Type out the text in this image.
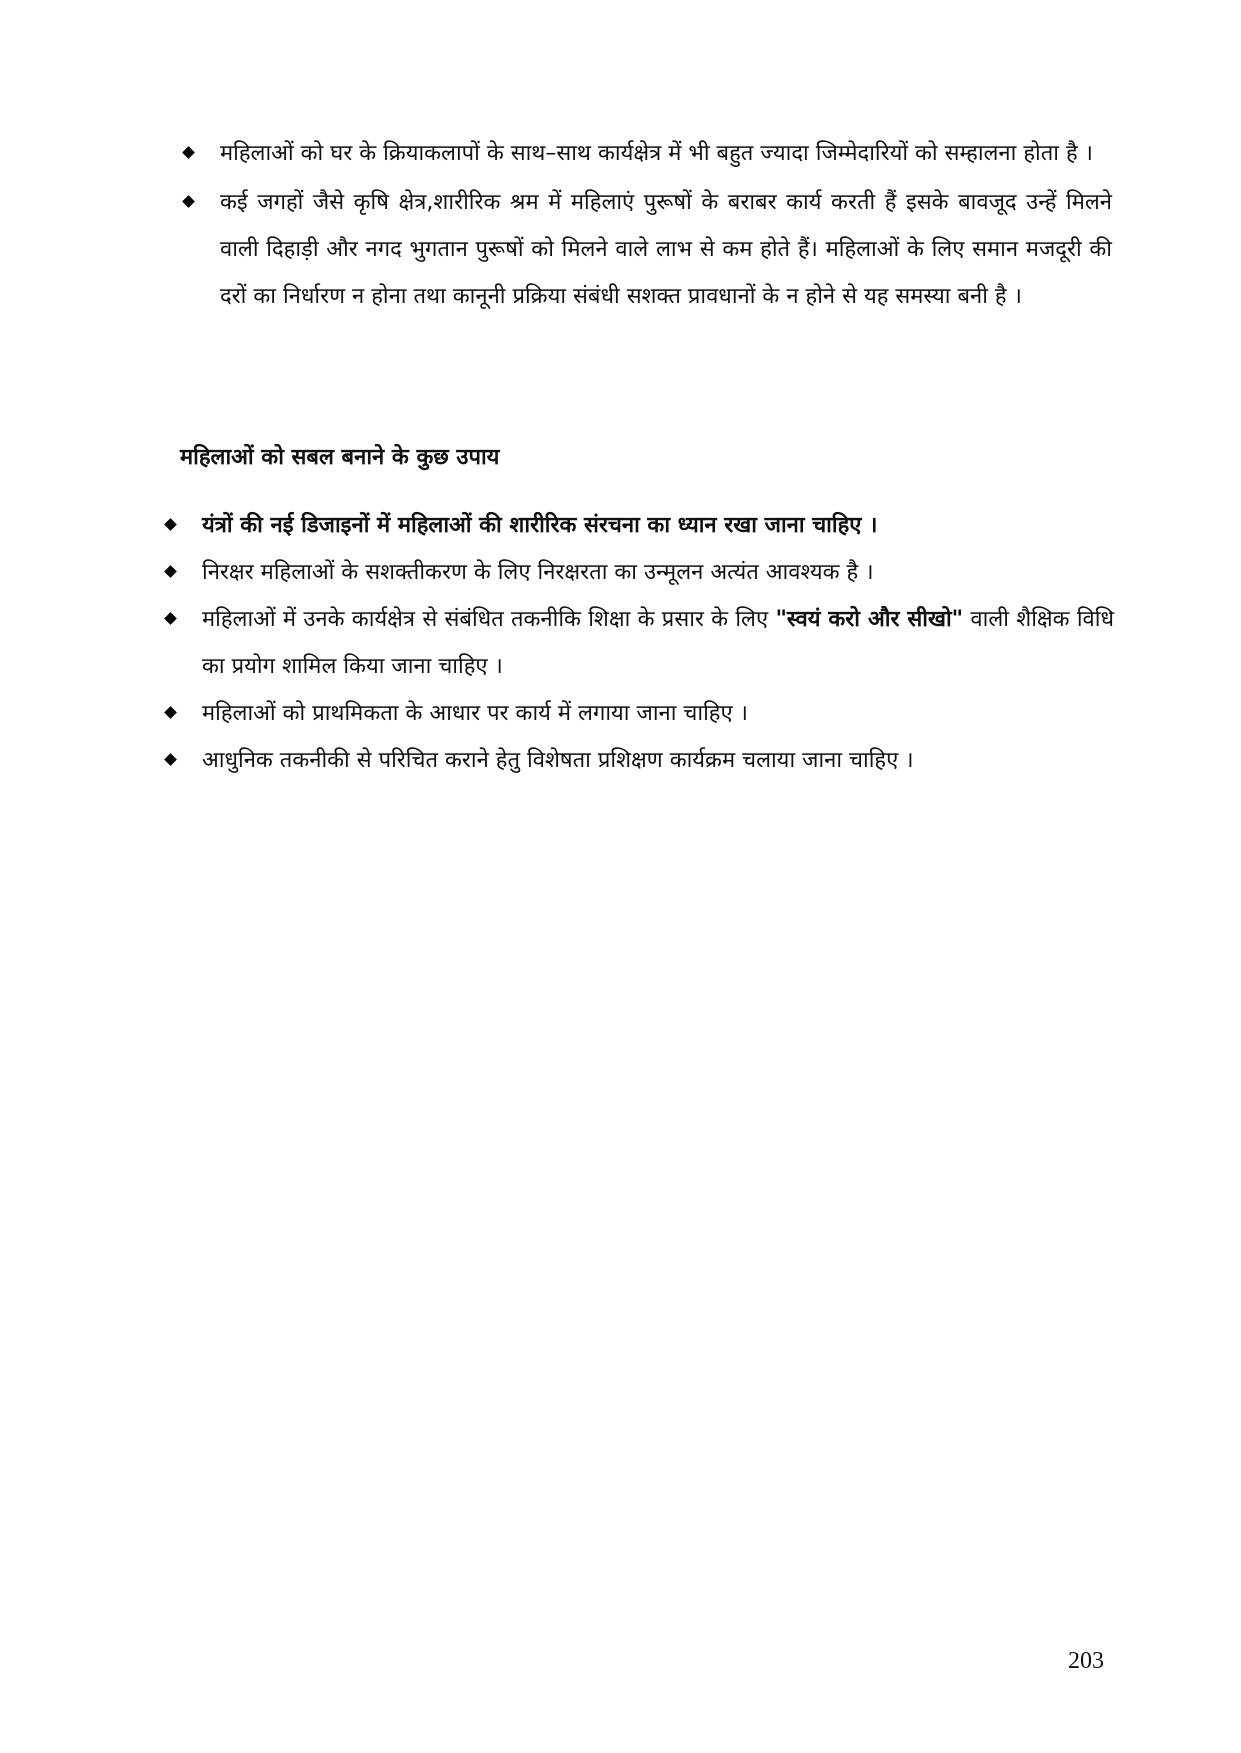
महिलाओं को घर के क्रियाकलापों के साथ–साथ कार्यक्षेत्र में भी बहुत ज्यादा जिम्मेदारियों को सम्हालना होता है ।
कई जगहों जैसे कृषि क्षेत्र,शारीरिक श्रम में महिलाएं पुरूषों के बराबर कार्य करती हैं इसके बावजूद उन्हें मिलने वाली दिहाड़ी और नगद भुगतान पुरूषों को मिलने वाले लाभ से कम होते हैं। महिलाओं के लिए समान मजदूरी की दरों का निर्धारण न होना तथा कानूनी प्रक्रिया संबंधी सशक्त प्रावधानों के न होने से यह समस्या बनी है ।
महिलाओं को सबल बनाने के कुछ उपाय
यंत्रों की नई डिजाइनों में महिलाओं की शारीरिक संरचना का ध्यान रखा जाना चाहिए ।
निरक्षर महिलाओं के सशक्तीकरण के लिए निरक्षरता का उन्मूलन अत्यंत आवश्यक है ।
महिलाओं में उनके कार्यक्षेत्र से संबंधित तकनीकि शिक्षा के प्रसार के लिए "स्वयं करो और सीखो" वाली शैक्षिक विधि का प्रयोग शामिल किया जाना चाहिए ।
महिलाओं को प्राथमिकता के आधार पर कार्य में लगाया जाना चाहिए ।
आधुनिक तकनीकी से परिचित कराने हेतु विशेषता प्रशिक्षण कार्यक्रम चलाया जाना चाहिए ।
203
